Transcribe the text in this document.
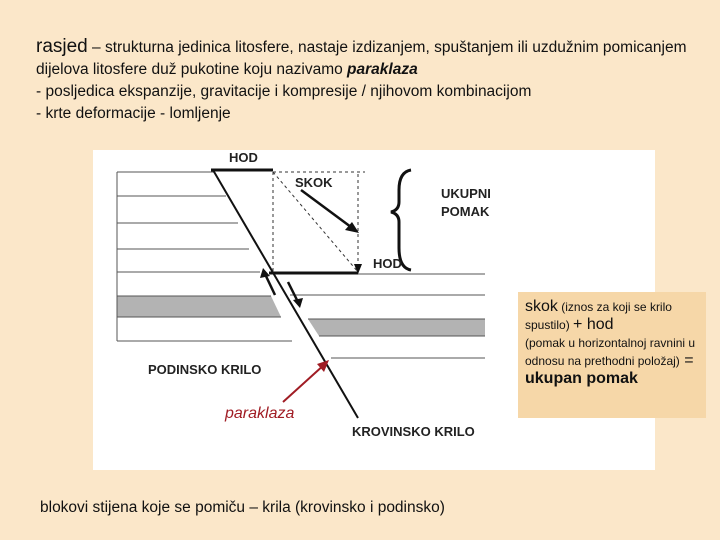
rasjed – strukturna jedinica litosfere, nastaje izdizanjem, spuštanjem ili uzdužnim pomicanjem dijelova litosfere duž pukotine koju nazivamo paraklaza
- posljedica ekspanzije, gravitacije i kompresije / njihovom kombinacijom
- krte deformacije - lomljenje
HOD
SKOK
UKUPNI
POMAK
HOD
PODINSKO KRILO
KROVINSKO KRILO
paraklaza
skok (iznos za koji se krilo spustilo) + hod
(pomak u horizontalnoj ravnini u odnosu na prethodni položaj) =
ukupan pomak
blokovi stijena koje se pomiču – krila (krovinsko i podinsko)
